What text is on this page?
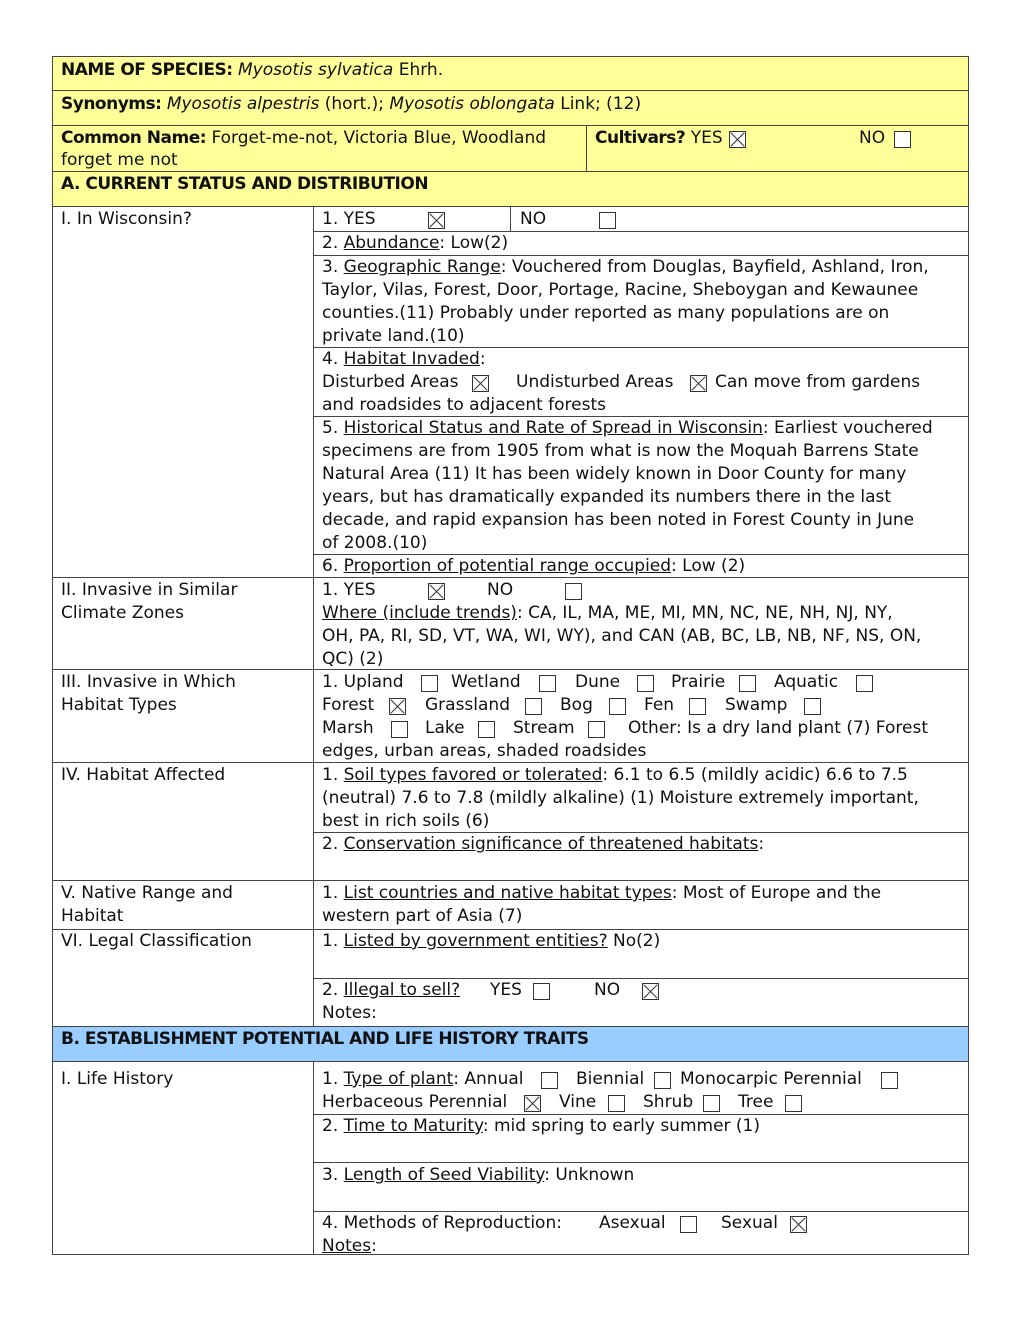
NAME OF SPECIES: Myosotis sylvatica Ehrh.
Synonyms: Myosotis alpestris (hort.); Myosotis oblongata Link; (12)
Common Name: Forget-me-not, Victoria Blue, Woodland
forget me not
Cultivars? YES	NO
A. CURRENT STATUS AND DISTRIBUTION
I. In Wisconsin?	1. YES	NO
2. Abundance: Low(2)
3. Geographic Range: Vouchered from Douglas, Bayfield, Ashland, Iron,
Taylor, Vilas, Forest, Door, Portage, Racine, Sheboygan and Kewaunee
counties.(11) Probably under reported as many populations are on
private land.(10)
4. Habitat Invaded:
Disturbed Areas	Undisturbed Areas Can move from gardens
and roadsides to adjacent forests
5. Historical Status and Rate of Spread in Wisconsin: Earliest vouchered
specimens are from 1905 from what is now the Moquah Barrens State
Natural Area (11) It has been widely known in Door County for many
years, but has dramatically expanded its numbers there in the last
decade, and rapid expansion has been noted in Forest County in June
of 2008.(10)
6. Proportion of potential range occupied: Low (2)
II. Invasive in Similar
Climate Zones
1. YES	NO
Where (include trends): CA, IL, MA, ME, MI, MN, NC, NE, NH, NJ, NY,
OH, PA, RI, SD, VT, WA, WI, WY), and CAN (AB, BC, LB, NB, NF, NS, ON,
QC) (2)
III. Invasive in Which
Habitat Types
1. Upland	Wetland	Dune	Prairie	Aquatic
Forest	Grassland	Bog	Fen	Swamp
Marsh	Lake	Stream	Other: Is a dry land plant (7) Forest
edges, urban areas, shaded roadsides
IV. Habitat Affected	1. Soil types favored or tolerated: 6.1 to 6.5 (mildly acidic) 6.6 to 7.5
(neutral) 7.6 to 7.8 (mildly alkaline) (1) Moisture extremely important,
best in rich soils (6)
2. Conservation significance of threatened habitats:
V. Native Range and
Habitat
1. List countries and native habitat types: Most of Europe and the
western part of Asia (7)
VI. Legal Classification	1. Listed by government entities? No(2)
2. Illegal to sell? YES	NO
Notes:
B. ESTABLISHMENT POTENTIAL AND LIFE HISTORY TRAITS
I. Life History	1. Type of plant: Annual	Biennial Monocarpic Perennial
Herbaceous Perennial	Vine	Shrub	Tree
2. Time to Maturity: mid spring to early summer (1)
3. Length of Seed Viability: Unknown
4. Methods of Reproduction: Asexual	Sexual
Notes:
